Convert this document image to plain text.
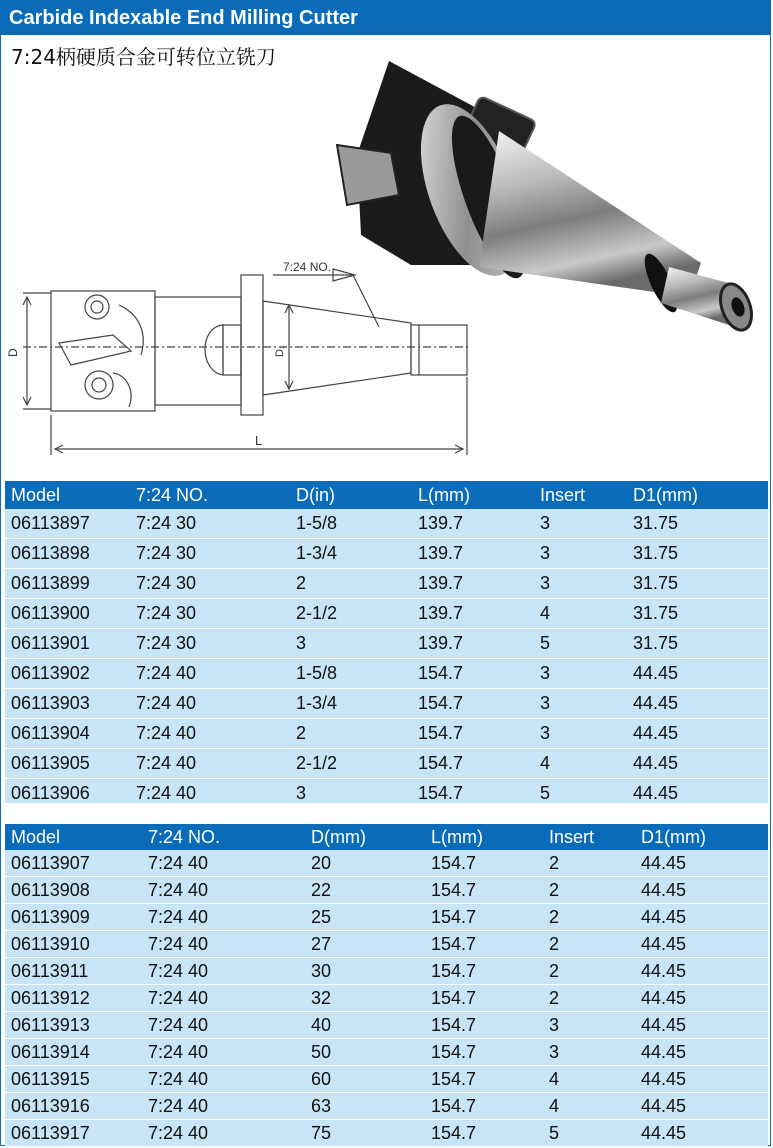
Carbide Indexable End Milling Cutter
7:24 NO.
D	D₁
L
7:24柄硬质合金可转位立铣刀
Model	7:24 NO.	D(in)	L(mm)	Insert	D1(mm)
06113897	7:24 30	1-5/8	139.7	3	31.75
06113898	7:24 30	1-3/4	139.7	3	31.75
06113899	7:24 30	2	139.7	3	31.75
06113900	7:24 30	2-1/2	139.7	4	31.75
06113901	7:24 30	3	139.7	5	31.75
06113902	7:24 40	1-5/8	154.7	3	44.45
06113903	7:24 40	1-3/4	154.7	3	44.45
06113904	7:24 40	2	154.7	3	44.45
06113905	7:24 40	2-1/2	154.7	4	44.45
06113906	7:24 40	3	154.7	5	44.45
Model	7:24 NO.	D(mm)	L(mm)	Insert	D1(mm)
06113907	7:24 40	20	154.7	2	44.45
06113908	7:24 40	22	154.7	2	44.45
06113909	7:24 40	25	154.7	2	44.45
06113910	7:24 40	27	154.7	2	44.45
06113911	7:24 40	30	154.7	2	44.45
06113912	7:24 40	32	154.7	2	44.45
06113913	7:24 40	40	154.7	3	44.45
06113914	7:24 40	50	154.7	3	44.45
06113915	7:24 40	60	154.7	4	44.45
06113916	7:24 40	63	154.7	4	44.45
06113917	7:24 40	75	154.7	5	44.45
